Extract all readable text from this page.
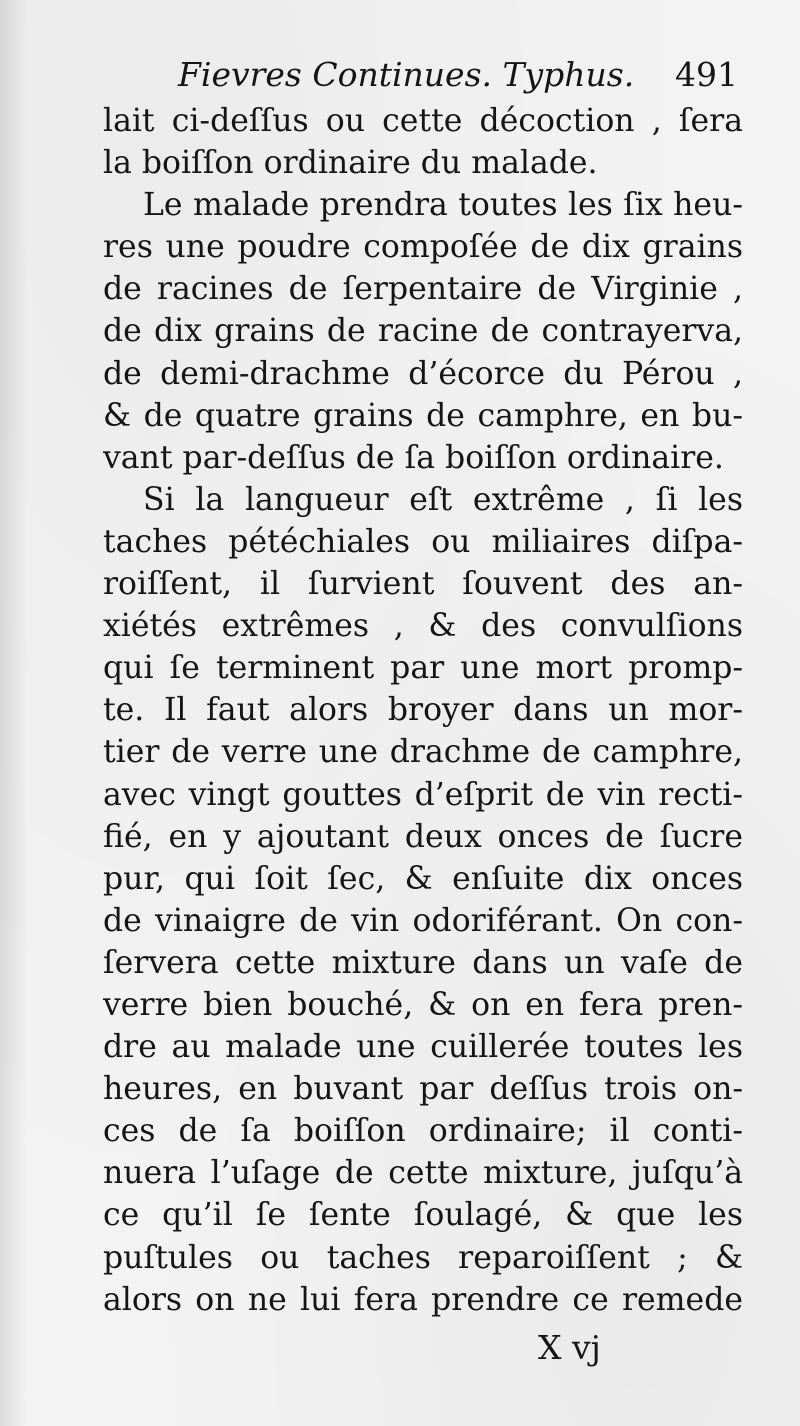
Fievres Continues. Typhus. 491
lait ci-deſſus ou cette décoction , ſera
la boiſſon ordinaire du malade.
Le malade prendra toutes les ſix heu-
res une poudre compoſée de dix grains
de racines de ſerpentaire de Virginie ,
de dix grains de racine de contrayerva,
de demi-drachme d’écorce du Pérou ,
& de quatre grains de camphre, en bu-
vant par-deſſus de ſa boiſſon ordinaire.
Si la langueur eſt extrême , ſi les
taches pétéchiales ou miliaires diſpa-
roiſſent, il ſurvient ſouvent des an-
xiétés extrêmes , & des convulſions
qui ſe terminent par une mort promp-
te. Il faut alors broyer dans un mor-
tier de verre une drachme de camphre,
avec vingt gouttes d’eſprit de vin recti-
fié, en y ajoutant deux onces de ſucre
pur, qui ſoit ſec, & enſuite dix onces
de vinaigre de vin odoriférant. On con-
ſervera cette mixture dans un vaſe de
verre bien bouché, & on en fera pren-
dre au malade une cuillerée toutes les
heures, en buvant par deſſus trois on-
ces de ſa boiſſon ordinaire; il conti-
nuera l’uſage de cette mixture, juſqu’à
ce qu’il ſe ſente ſoulagé, & que les
puſtules ou taches reparoiſſent ; &
alors on ne lui fera prendre ce remede
X vj
